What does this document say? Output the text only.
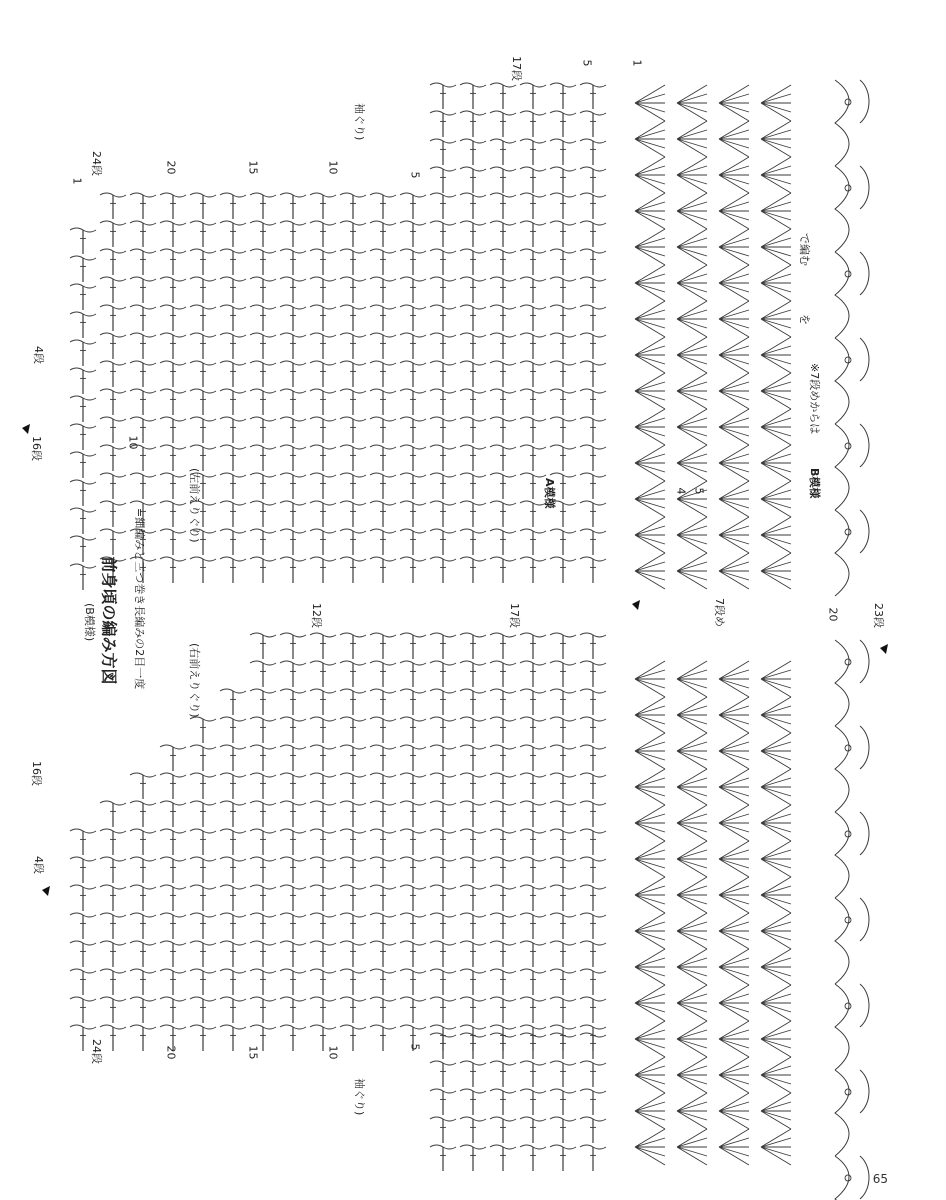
前身頃の編み方図
(B模様)	=細編みと三つ巻き長編みの2目一度	(右前えりぐり)
(左前えりぐり)
袖ぐり)
袖ぐり)
A模様	B模様
※7段めからは
を
で編む
24段
1
20	15	10
5
4段
16段	10
17段	5	1
12段	17段	7段め	20	23段
16段
4段
24段	20	15	10	5
4 5
65
